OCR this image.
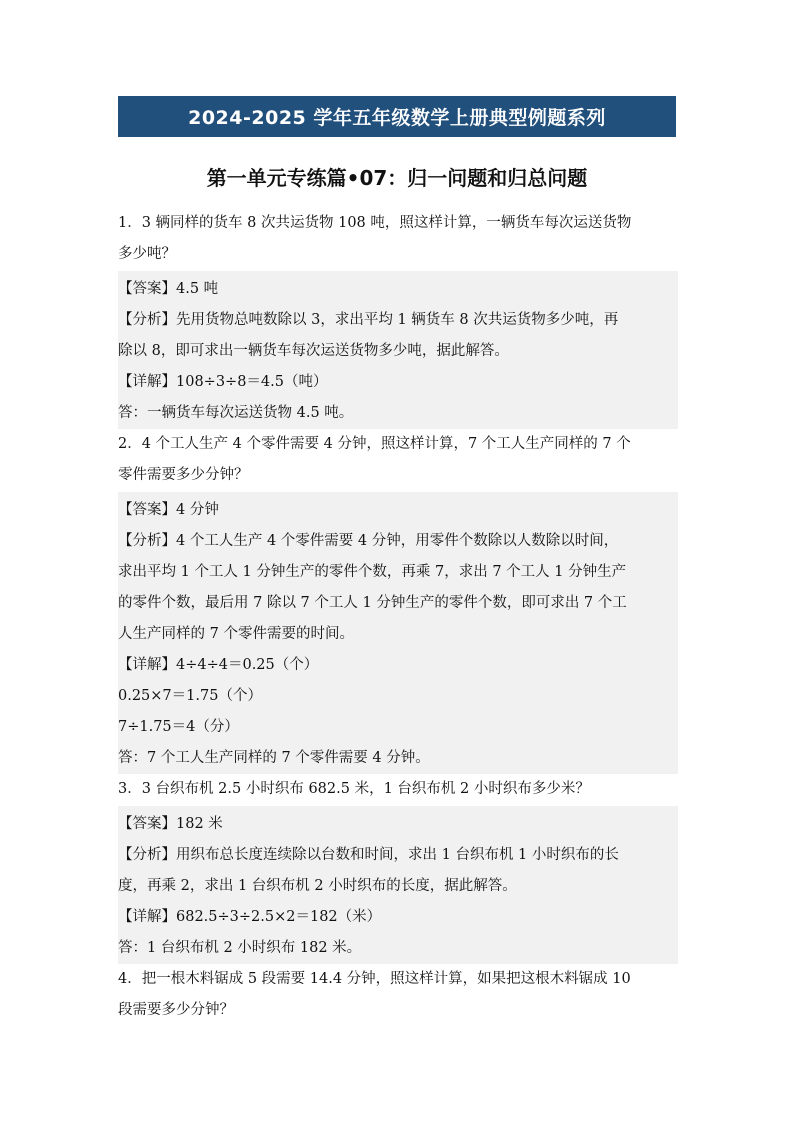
2024-2025 学年五年级数学上册典型例题系列
第一单元专练篇•07：归一问题和归总问题
1．3 辆同样的货车 8 次共运货物 108 吨，照这样计算，一辆货车每次运送货物
多少吨？
【答案】4.5 吨
【分析】先用货物总吨数除以 3，求出平均 1 辆货车 8 次共运货物多少吨，再
除以 8，即可求出一辆货车每次运送货物多少吨，据此解答。
【详解】108÷3÷8＝4.5（吨）
答：一辆货车每次运送货物 4.5 吨。
2．4 个工人生产 4 个零件需要 4 分钟，照这样计算，7 个工人生产同样的 7 个
零件需要多少分钟？
【答案】4 分钟
【分析】4 个工人生产 4 个零件需要 4 分钟，用零件个数除以人数除以时间，
求出平均 1 个工人 1 分钟生产的零件个数，再乘 7，求出 7 个工人 1 分钟生产
的零件个数，最后用 7 除以 7 个工人 1 分钟生产的零件个数，即可求出 7 个工
人生产同样的 7 个零件需要的时间。
【详解】4÷4÷4＝0.25（个）
0.25×7＝1.75（个）
7÷1.75＝4（分）
答：7 个工人生产同样的 7 个零件需要 4 分钟。
3．3 台织布机 2.5 小时织布 682.5 米，1 台织布机 2 小时织布多少米？
【答案】182 米
【分析】用织布总长度连续除以台数和时间，求出 1 台织布机 1 小时织布的长
度，再乘 2，求出 1 台织布机 2 小时织布的长度，据此解答。
【详解】682.5÷3÷2.5×2＝182（米）
答：1 台织布机 2 小时织布 182 米。
4．把一根木料锯成 5 段需要 14.4 分钟，照这样计算，如果把这根木料锯成 10
段需要多少分钟？
